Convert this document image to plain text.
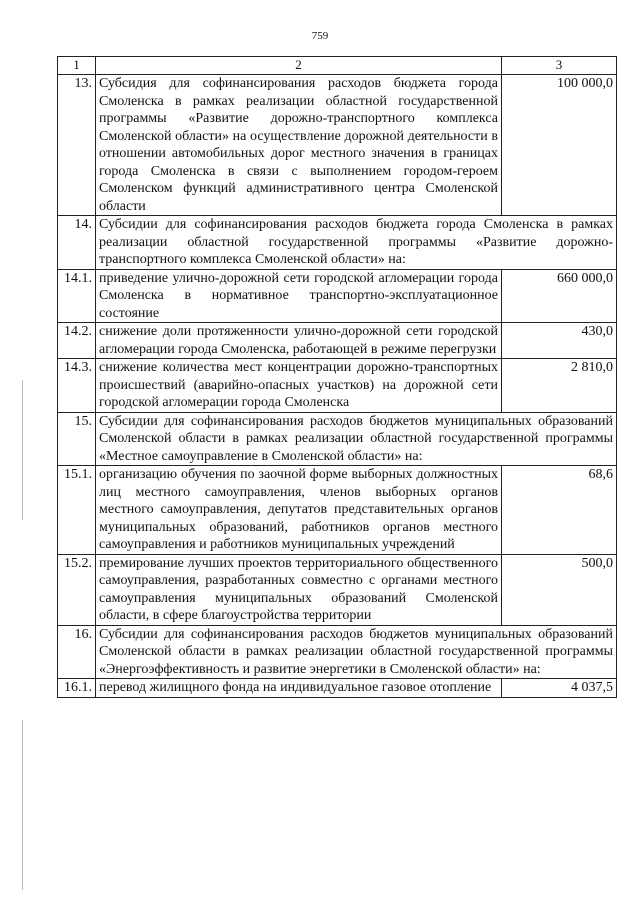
759
1	2	3
13.	Субсидия для софинансирования расходов бюджета города Смоленска в рамках реализации областной государственной программы «Развитие дорожно-транспортного комплекса Смоленской области» на осуществление дорожной деятельности в отношении автомобильных дорог местного значения в границах города Смоленска в связи с выполнением городом-героем Смоленском функций административного центра Смоленской области	100 000,0
14.	Субсидии для софинансирования расходов бюджета города Смоленска в рамках реализации областной государственной программы «Развитие дорожно-транспортного комплекса Смоленской области» на:	
14.1.	приведение улично-дорожной сети городской агломерации города Смоленска в нормативное транспортно-эксплуатационное состояние	660 000,0
14.2.	снижение доли протяженности улично-дорожной сети городской агломерации города Смоленска, работающей в режиме перегрузки	430,0
14.3.	снижение количества мест концентрации дорожно-транспортных происшествий (аварийно-опасных участков) на дорожной сети городской агломерации города Смоленска	2 810,0
15.	Субсидии для софинансирования расходов бюджетов муниципальных образований Смоленской области в рамках реализации областной государственной программы «Местное самоуправление в Смоленской области» на:	
15.1.	организацию обучения по заочной форме выборных должностных лиц местного самоуправления, членов выборных органов местного самоуправления, депутатов представительных органов муниципальных образований, работников органов местного самоуправления и работников муниципальных учреждений	68,6
15.2.	премирование лучших проектов территориального общественного самоуправления, разработанных совместно с органами местного самоуправления муниципальных образований Смоленской области, в сфере благоустройства территории	500,0
16.	Субсидии для софинансирования расходов бюджетов муниципальных образований Смоленской области в рамках реализации областной государственной программы «Энергоэффективность и развитие энергетики в Смоленской области» на:	
16.1.	перевод жилищного фонда на индивидуальное газовое отопление	4 037,5
